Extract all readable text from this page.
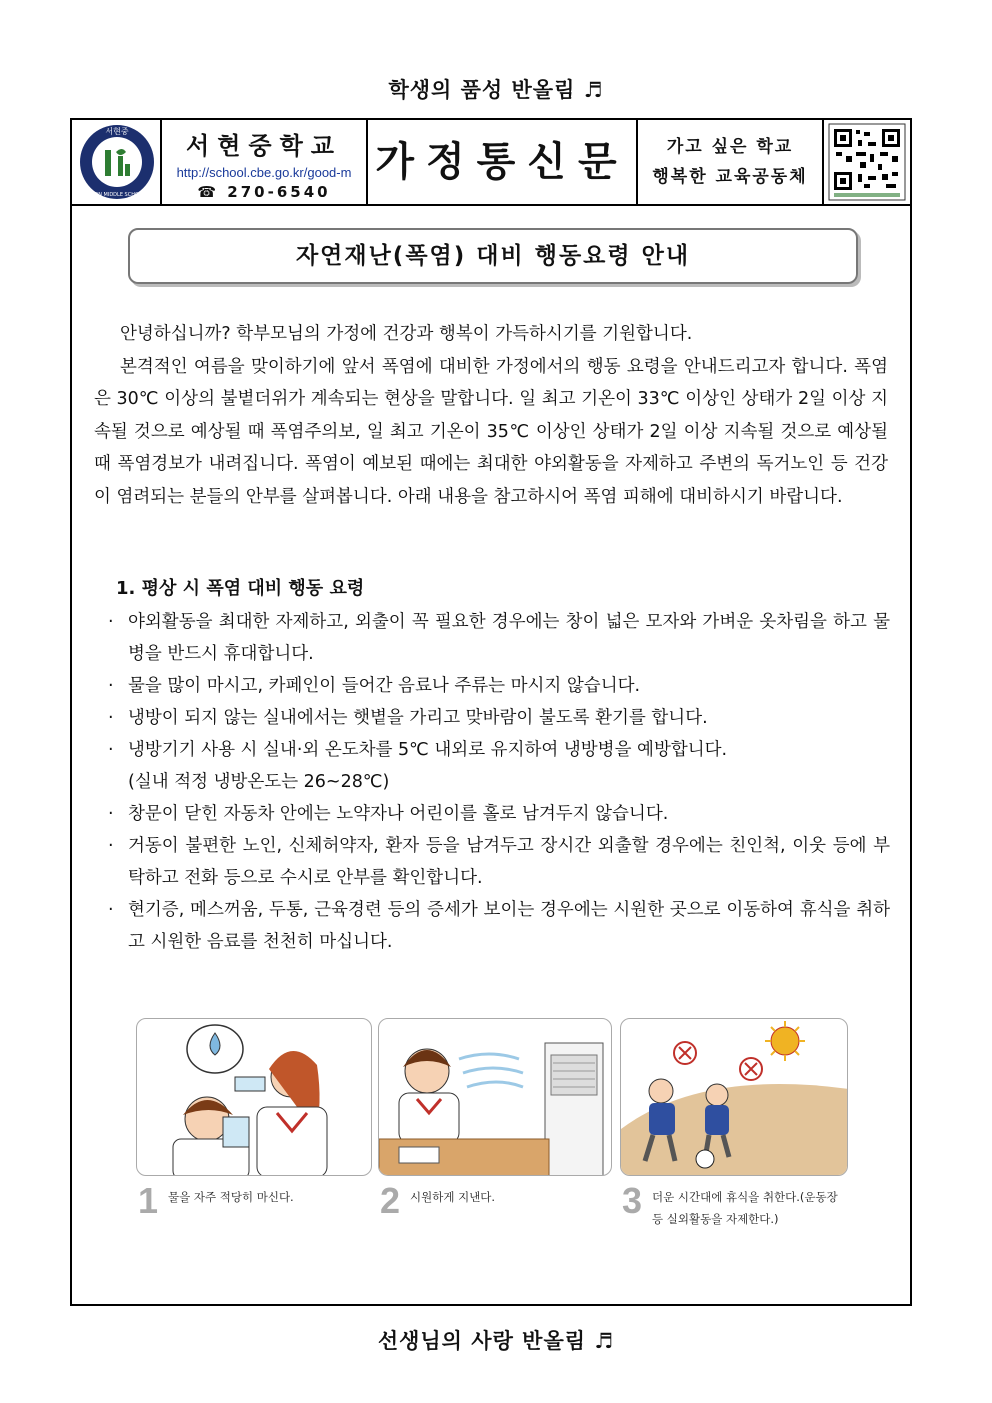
학생의 품성 반올림 ♬
서현중
SEOHYEON MIDDLE SCHOOL 2008
서현중학교
http://school.cbe.go.kr/good-m
☎ 270-6540
가정통신문	가고 싶은 학교
행복한 교육공동체
자연재난(폭염) 대비 행동요령 안내

안녕하십니까? 학부모님의 가정에 건강과 행복이 가득하시기를 기원합니다.

본격적인 여름을 맞이하기에 앞서 폭염에 대비한 가정에서의 행동 요령을 안내드리고자 합니다. 폭염은 30℃ 이상의 불볕더위가 계속되는 현상을 말합니다. 일 최고 기온이 33℃ 이상인 상태가 2일 이상 지속될 것으로 예상될 때 폭염주의보, 일 최고 기온이 35℃ 이상인 상태가 2일 이상 지속될 것으로 예상될 때 폭염경보가 내려집니다. 폭염이 예보된 때에는 최대한 야외활동을 자제하고 주변의 독거노인 등 건강이 염려되는 분들의 안부를 살펴봅니다. 아래 내용을 참고하시어 폭염 피해에 대비하시기 바랍니다.

1. 평상 시 폭염 대비 행동 요령
· 야외활동을 최대한 자제하고, 외출이 꼭 필요한 경우에는 창이 넓은 모자와 가벼운 옷차림을 하고 물병을 반드시 휴대합니다.
· 물을 많이 마시고, 카페인이 들어간 음료나 주류는 마시지 않습니다.
· 냉방이 되지 않는 실내에서는 햇볕을 가리고 맞바람이 불도록 환기를 합니다.
· 냉방기기 사용 시 실내·외 온도차를 5℃ 내외로 유지하여 냉방병을 예방합니다.
(실내 적정 냉방온도는 26~28℃)
· 창문이 닫힌 자동차 안에는 노약자나 어린이를 홀로 남겨두지 않습니다.
· 거동이 불편한 노인, 신체허약자, 환자 등을 남겨두고 장시간 외출할 경우에는 친인척, 이웃 등에 부탁하고 전화 등으로 수시로 안부를 확인합니다.
· 현기증, 메스꺼움, 두통, 근육경련 등의 증세가 보이는 경우에는 시원한 곳으로 이동하여 휴식을 취하고 시원한 음료를 천천히 마십니다.
1 물을 자주 적당히 마신다. 2 시원하게 지낸다.	3 더운 시간대에 휴식을 취한다.(운동장 등 실외활동을 자제한다.)
선생님의 사랑 반올림 ♬
